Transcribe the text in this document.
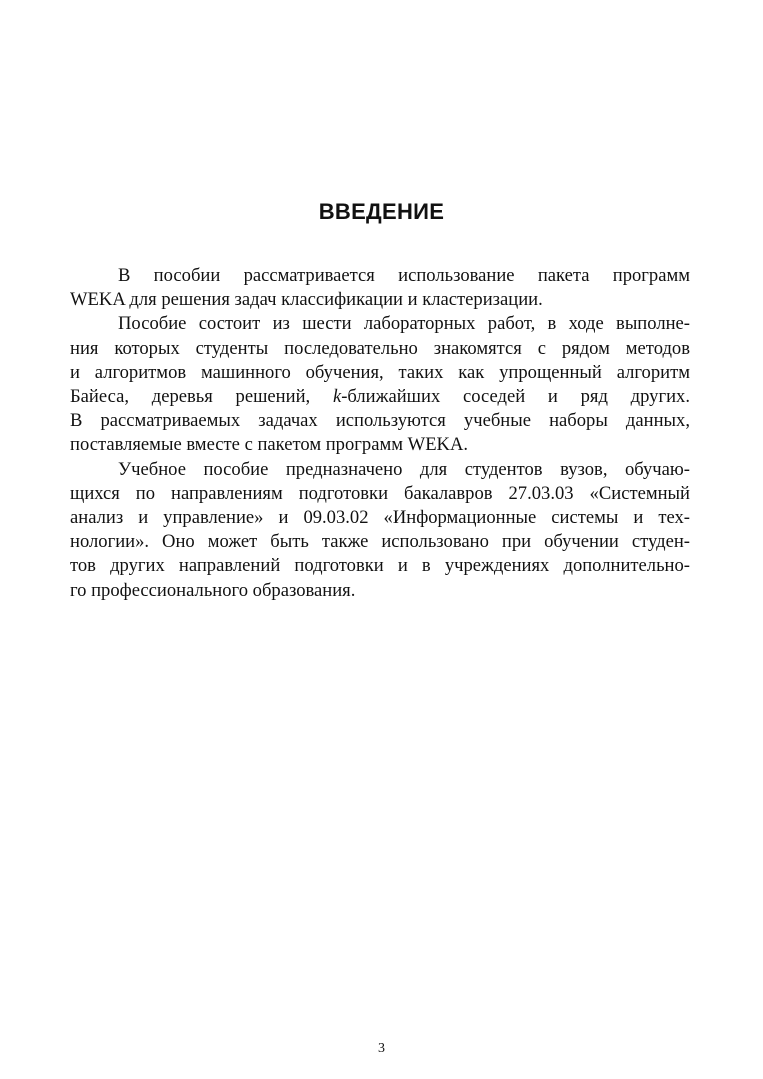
ВВЕДЕНИЕ
В пособии рассматривается использование пакета программ
WEKA для решения задач классификации и кластеризации.
Пособие состоит из шести лабораторных работ, в ходе выполне-
ния которых студенты последовательно знакомятся с рядом методов
и алгоритмов машинного обучения, таких как упрощенный алгоритм
Байеса, деревья решений, k-ближайших соседей и ряд других.
В рассматриваемых задачах используются учебные наборы данных,
поставляемые вместе с пакетом программ WEKA.
Учебное пособие предназначено для студентов вузов, обучаю-
щихся по направлениям подготовки бакалавров 27.03.03 «Системный
анализ и управление» и 09.03.02 «Информационные системы и тех-
нологии». Оно может быть также использовано при обучении студен-
тов других направлений подготовки и в учреждениях дополнительно-
го профессионального образования.
3
